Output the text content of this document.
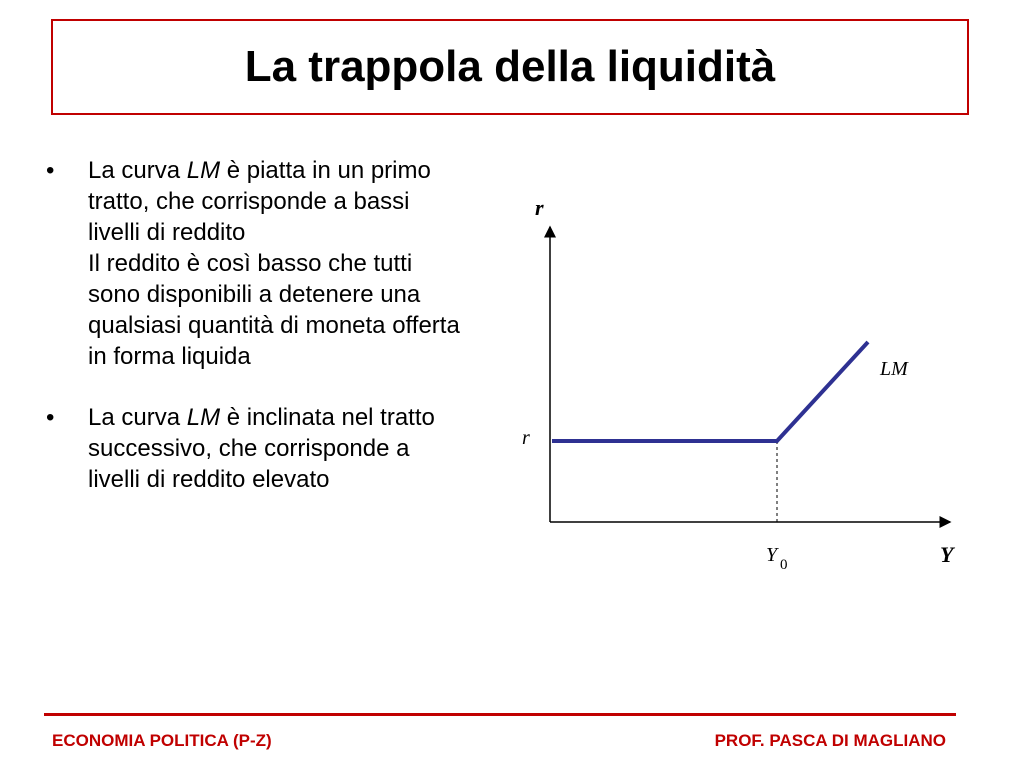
La trappola della liquidità
•	La curva LM è piatta in un primo tratto, che corrisponde a bassi livelli di reddito
Il reddito è così basso che tutti sono disponibili a detenere una qualsiasi quantità di moneta offerta in forma liquida
•	La curva LM è inclinata nel tratto successivo, che corrisponde a livelli di reddito elevato
r
Y
LM
r
Y 0
ECONOMIA POLITICA (P-Z)	PROF. PASCA DI MAGLIANO
